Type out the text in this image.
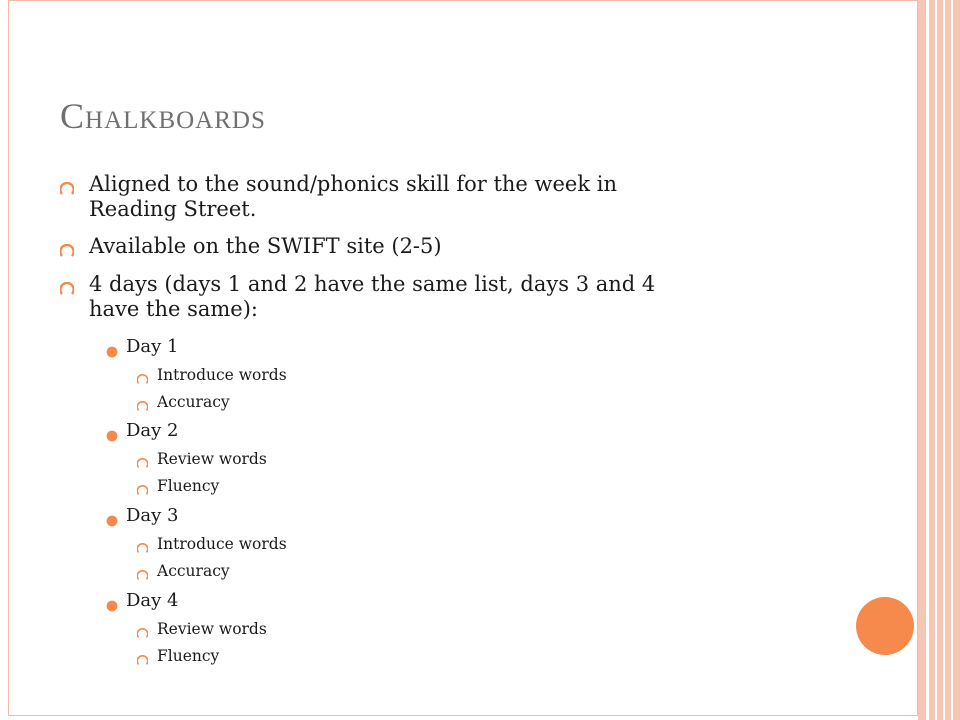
Chalkboards
Aligned to the sound/phonics skill for the week in
Reading Street.
Available on the SWIFT site (2-5)
4 days (days 1 and 2 have the same list, days 3 and 4
have the same):
Day 1
Introduce words
Accuracy
Day 2
Review words
Fluency
Day 3
Introduce words
Accuracy
Day 4
Review words
Fluency
